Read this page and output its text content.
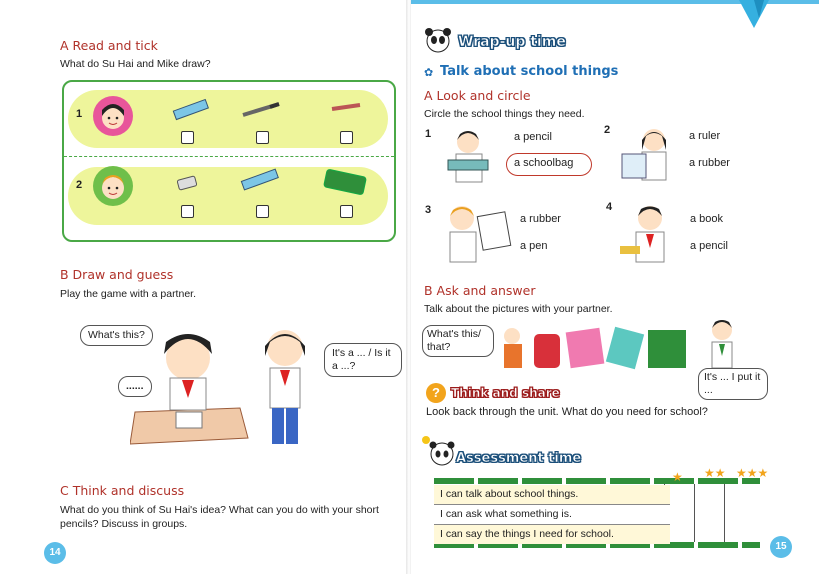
A Read and tick
What do Su Hai and Mike draw?
1
2
B Draw and guess
Play the game with a partner.
What's this?
......
It's a ... / Is it a ...?
C Think and discuss
What do you think of Su Hai's idea? What can you do with your short pencils? Discuss in groups.
14
Wrap-up time
✿ Talk about school things
A Look and circle
Circle the school things they need.
1	a pencil
a schoolbag
2	a ruler
a rubber
3
a rubber
a pen
4
a book
a pencil
B Ask and answer
Talk about the pictures with your partner.
What's this/ that?
It's ... I put it ...
? Think and share
Look back through the unit. What do you need for school?
Assessment time
I can talk about school things.
I can ask what something is.
I can say the things I need for school.
★ ★★ ★★★
15
